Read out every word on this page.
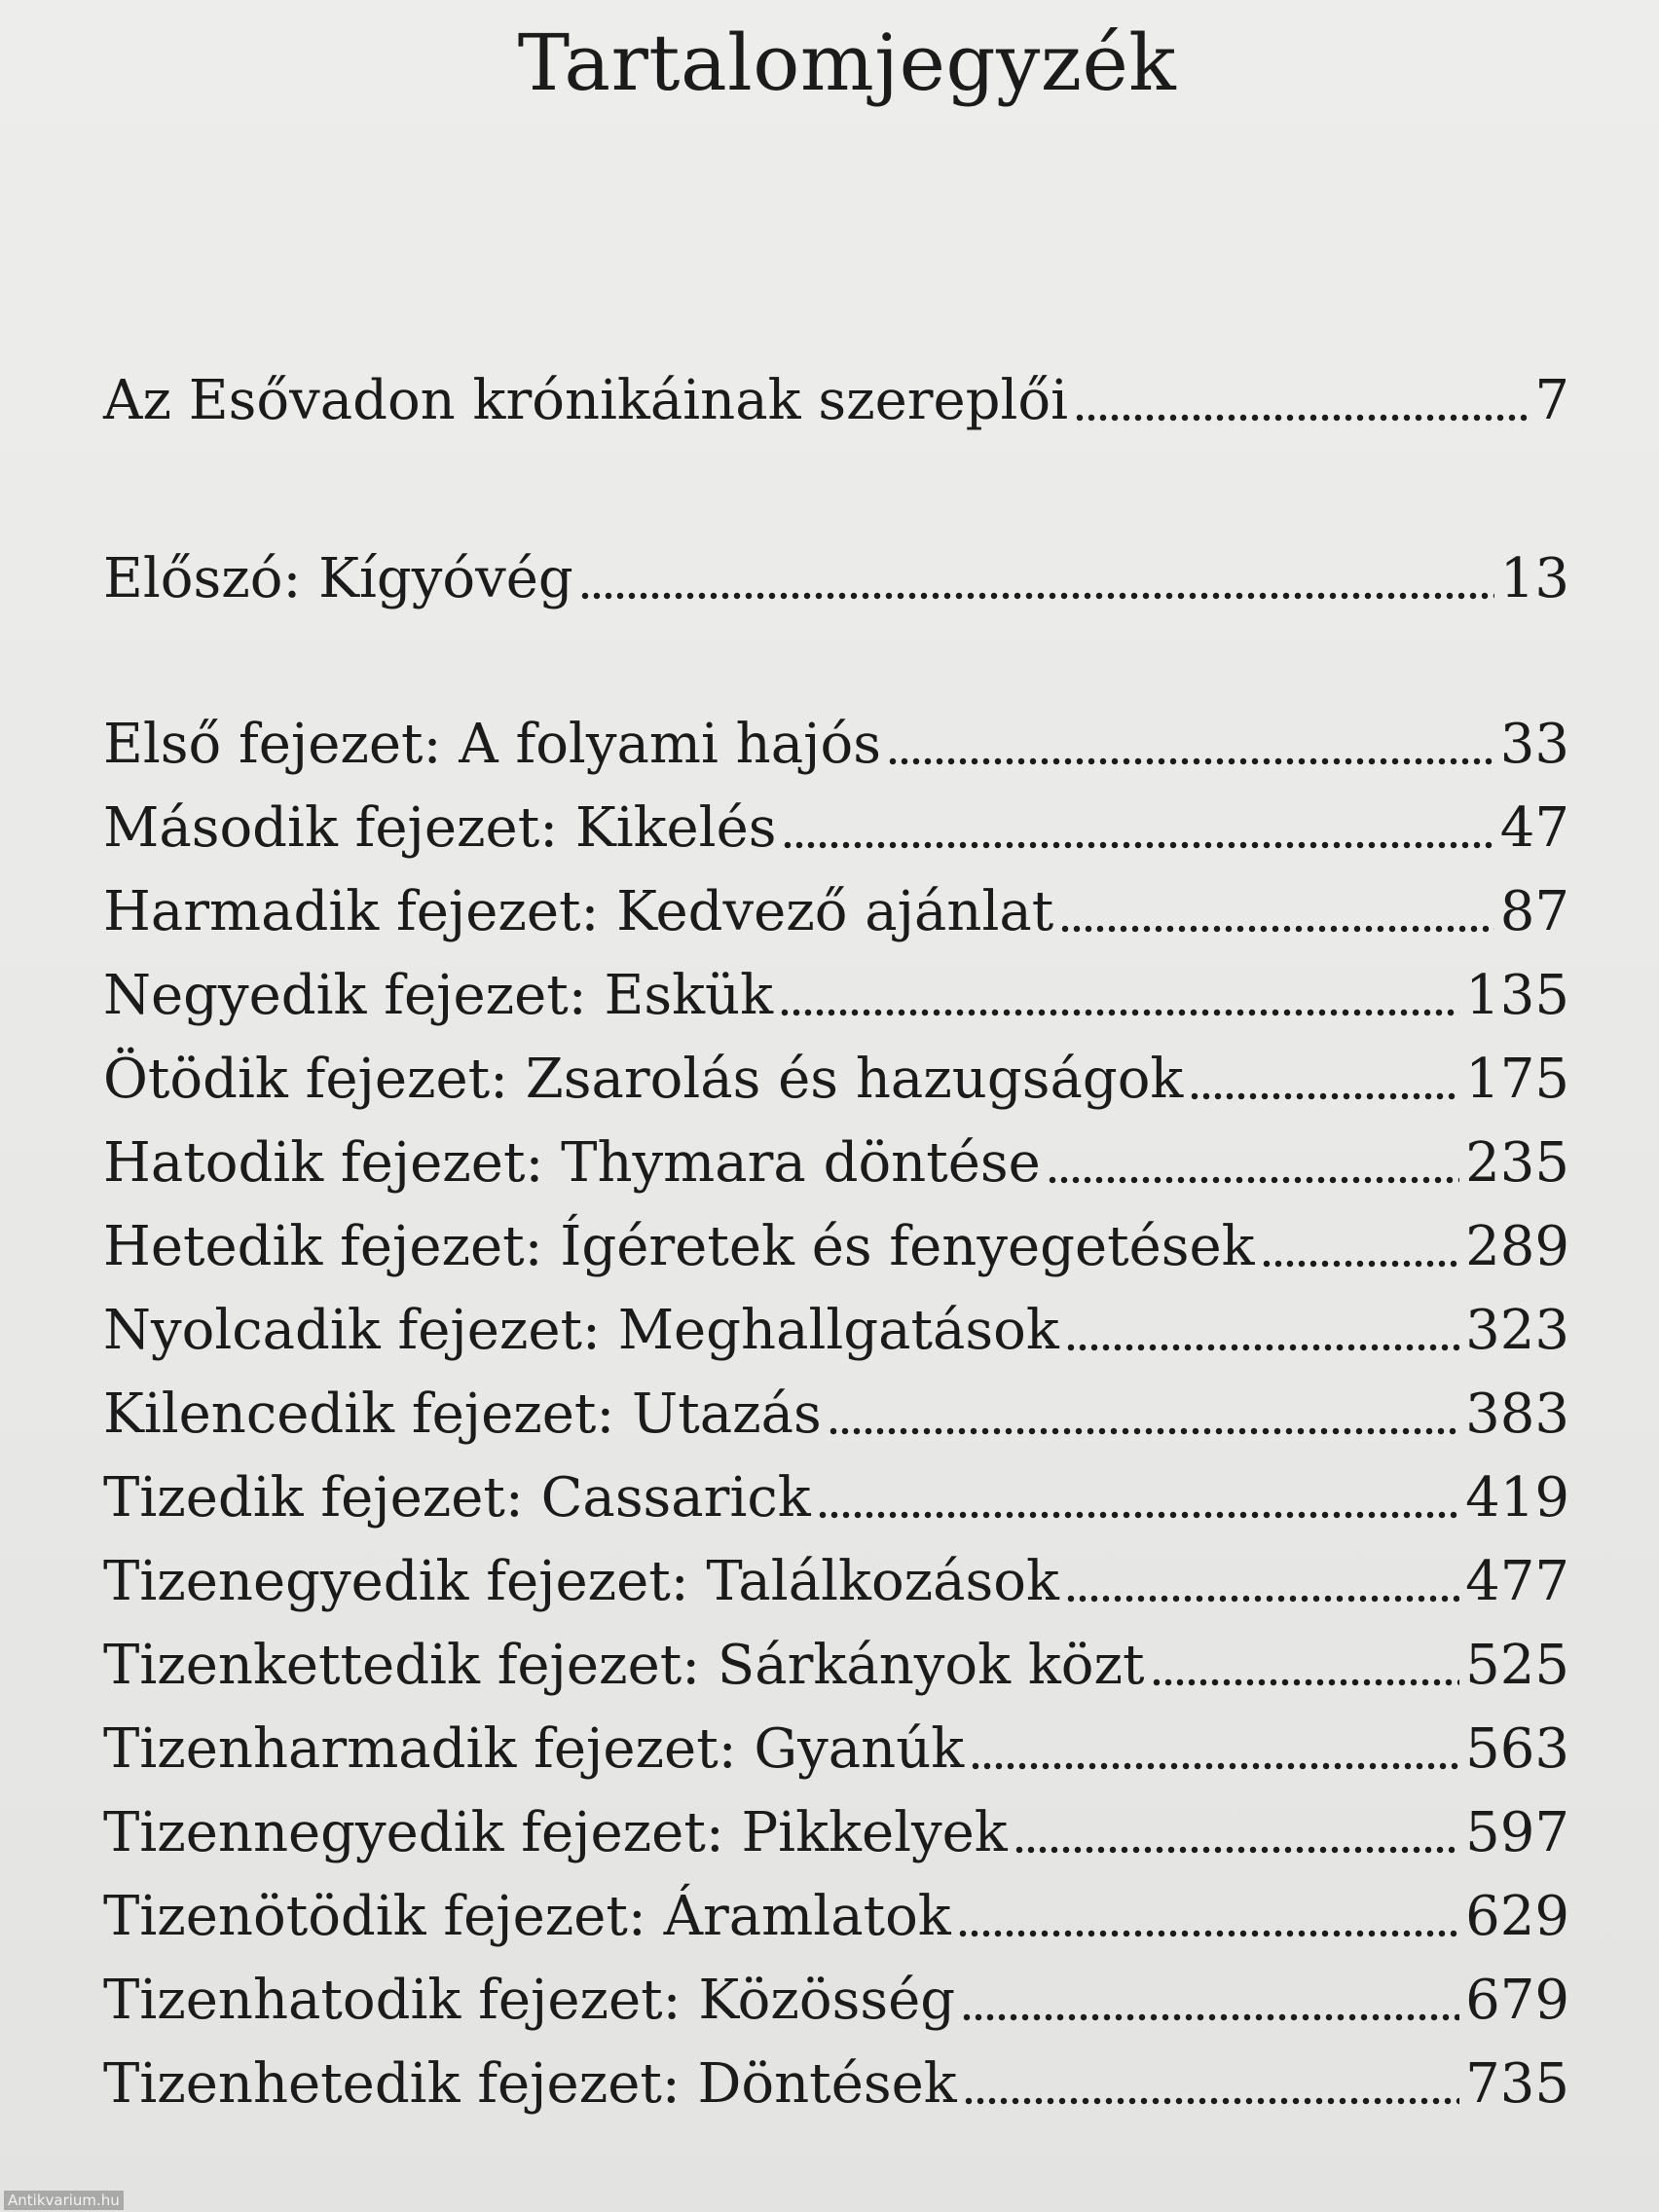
Tartalomjegyzék
Az Esővadon krónikáinak szereplői	7
Előszó: Kígyóvég	13
Első fejezet: A folyami hajós	33
Második fejezet: Kikelés	47
Harmadik fejezet: Kedvező ajánlat	87
Negyedik fejezet: Eskük	135
Ötödik fejezet: Zsarolás és hazugságok	175
Hatodik fejezet: Thymara döntése	235
Hetedik fejezet: Ígéretek és fenyegetések	289
Nyolcadik fejezet: Meghallgatások	323
Kilencedik fejezet: Utazás	383
Tizedik fejezet: Cassarick	419
Tizenegyedik fejezet: Találkozások	477
Tizenkettedik fejezet: Sárkányok közt	525
Tizenharmadik fejezet: Gyanúk	563
Tizennegyedik fejezet: Pikkelyek	597
Tizenötödik fejezet: Áramlatok	629
Tizenhatodik fejezet: Közösség	679
Tizenhetedik fejezet: Döntések	735
Antikvarium.hu
